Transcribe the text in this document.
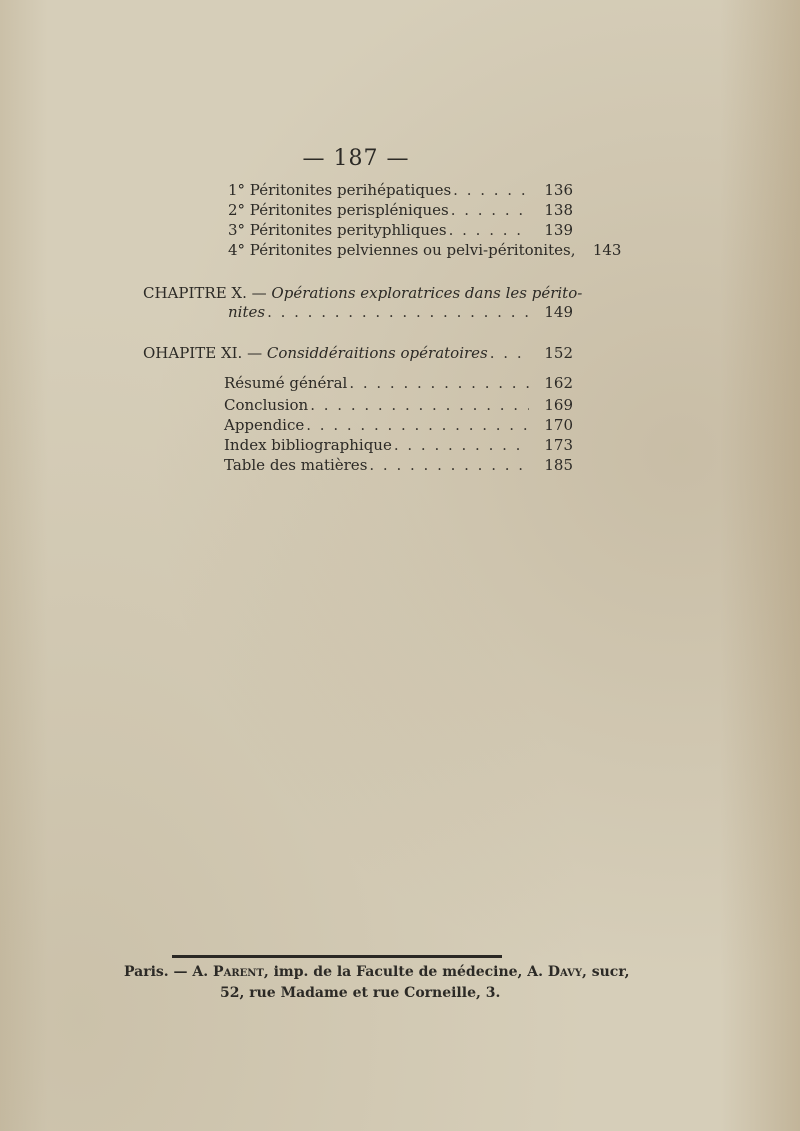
— 187 —
1° Péritonites perihépatiques . . .	136
2° Péritonites perispléniques . . .	138
3° Péritonites perityphliques . . .	139
4° Péritonites pelviennes ou pelvi-péritonites,	143
CHAPITRE X. — Opérations exploratrices dans les périto-
nites . . .	149
OHAPITE XI. — Considdéraitions opératoires . . .	152
Résumé général . . .	162
Conclusion . . .	169
Appendice . . .	170
Index bibliographique . . .	173
Table des matières . . .	185
Paris. — A. Parent, imp. de la Faculte de médecine, A. Davy, sucr,
52, rue Madame et rue Corneille, 3.
